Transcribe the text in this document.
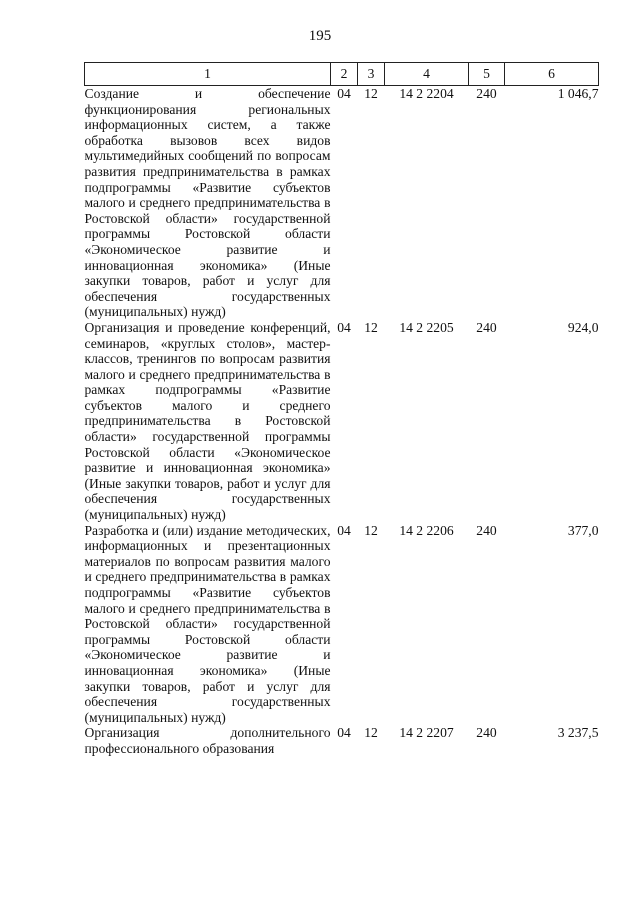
195
1	2	3	4	5	6
Создание и обеспечение функционирования региональных информационных систем, а также обработка вызовов всех видов мультимедийных сообщений по вопросам развития предпринимательства в рамках подпрограммы «Развитие субъектов малого и среднего предпринимательства в Ростовской области» государственной программы Ростовской области «Экономическое развитие и инновационная экономика» (Иные закупки товаров, работ и услуг для обеспечения государственных (муниципальных) нужд)	04	12	14 2 2204	240	1 046,7
Организация и проведение конференций, семинаров, «круглых столов», мастер-классов, тренингов по вопросам развития малого и среднего предпринимательства в рамках подпрограммы «Развитие субъектов малого и среднего предпринимательства в Ростовской области» государственной программы Ростовской области «Экономическое развитие и инновационная экономика» (Иные закупки товаров, работ и услуг для обеспечения государственных (муниципальных) нужд)	04	12	14 2 2205	240	924,0
Разработка и (или) издание методических, информационных и презентационных материалов по вопросам развития малого и среднего предпринимательства в рамках подпрограммы «Развитие субъектов малого и среднего предпринимательства в Ростовской области» государственной программы Ростовской области «Экономическое развитие и инновационная экономика» (Иные закупки товаров, работ и услуг для обеспечения государственных (муниципальных) нужд)	04	12	14 2 2206	240	377,0
Организация дополнительного профессионального образования	04	12	14 2 2207	240	3 237,5
